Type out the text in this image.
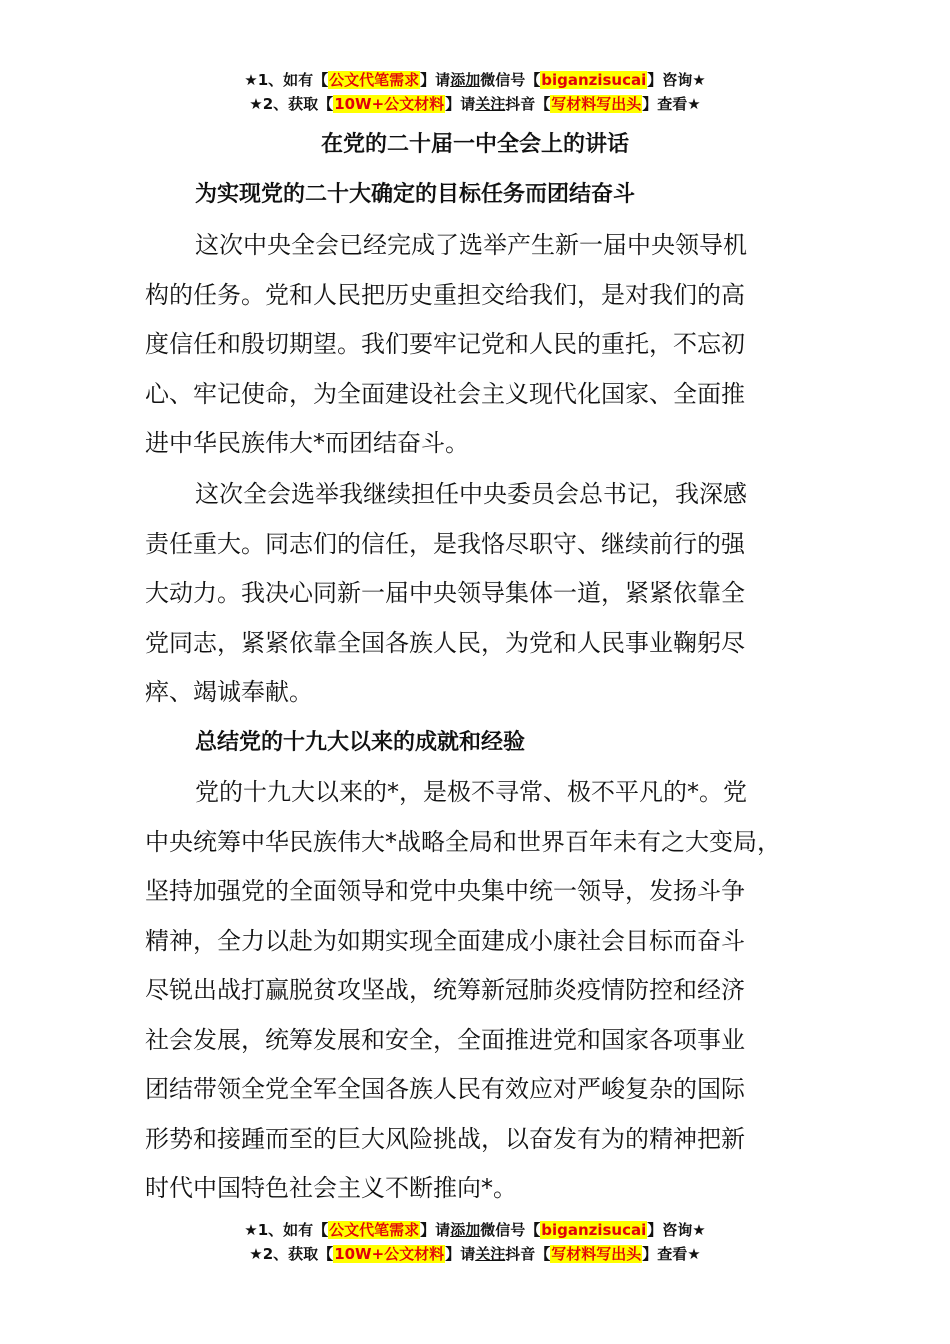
★1、如有【公文代笔需求】请添加微信号【biganzisucai】咨询★
★2、获取【10W+公文材料】请关注抖音【写材料写出头】查看★
在党的二十届一中全会上的讲话
为实现党的二十大确定的目标任务而团结奋斗
这次中央全会已经完成了选举产生新一届中央领导机
构的任务。党和人民把历史重担交给我们，是对我们的高
度信任和殷切期望。我们要牢记党和人民的重托，不忘初
心、牢记使命，为全面建设社会主义现代化国家、全面推
进中华民族伟大*而团结奋斗。
这次全会选举我继续担任中央委员会总书记，我深感
责任重大。同志们的信任，是我恪尽职守、继续前行的强
大动力。我决心同新一届中央领导集体一道，紧紧依靠全
党同志，紧紧依靠全国各族人民，为党和人民事业鞠躬尽
瘁、竭诚奉献。
总结党的十九大以来的成就和经验
党的十九大以来的*，是极不寻常、极不平凡的*。党
中央统筹中华民族伟大*战略全局和世界百年未有之大变局，
坚持加强党的全面领导和党中央集中统一领导，发扬斗争
精神，全力以赴为如期实现全面建成小康社会目标而奋斗
尽锐出战打赢脱贫攻坚战，统筹新冠肺炎疫情防控和经济
社会发展，统筹发展和安全，全面推进党和国家各项事业
团结带领全党全军全国各族人民有效应对严峻复杂的国际
形势和接踵而至的巨大风险挑战，以奋发有为的精神把新
时代中国特色社会主义不断推向*。
★1、如有【公文代笔需求】请添加微信号【biganzisucai】咨询★
★2、获取【10W+公文材料】请关注抖音【写材料写出头】查看★
